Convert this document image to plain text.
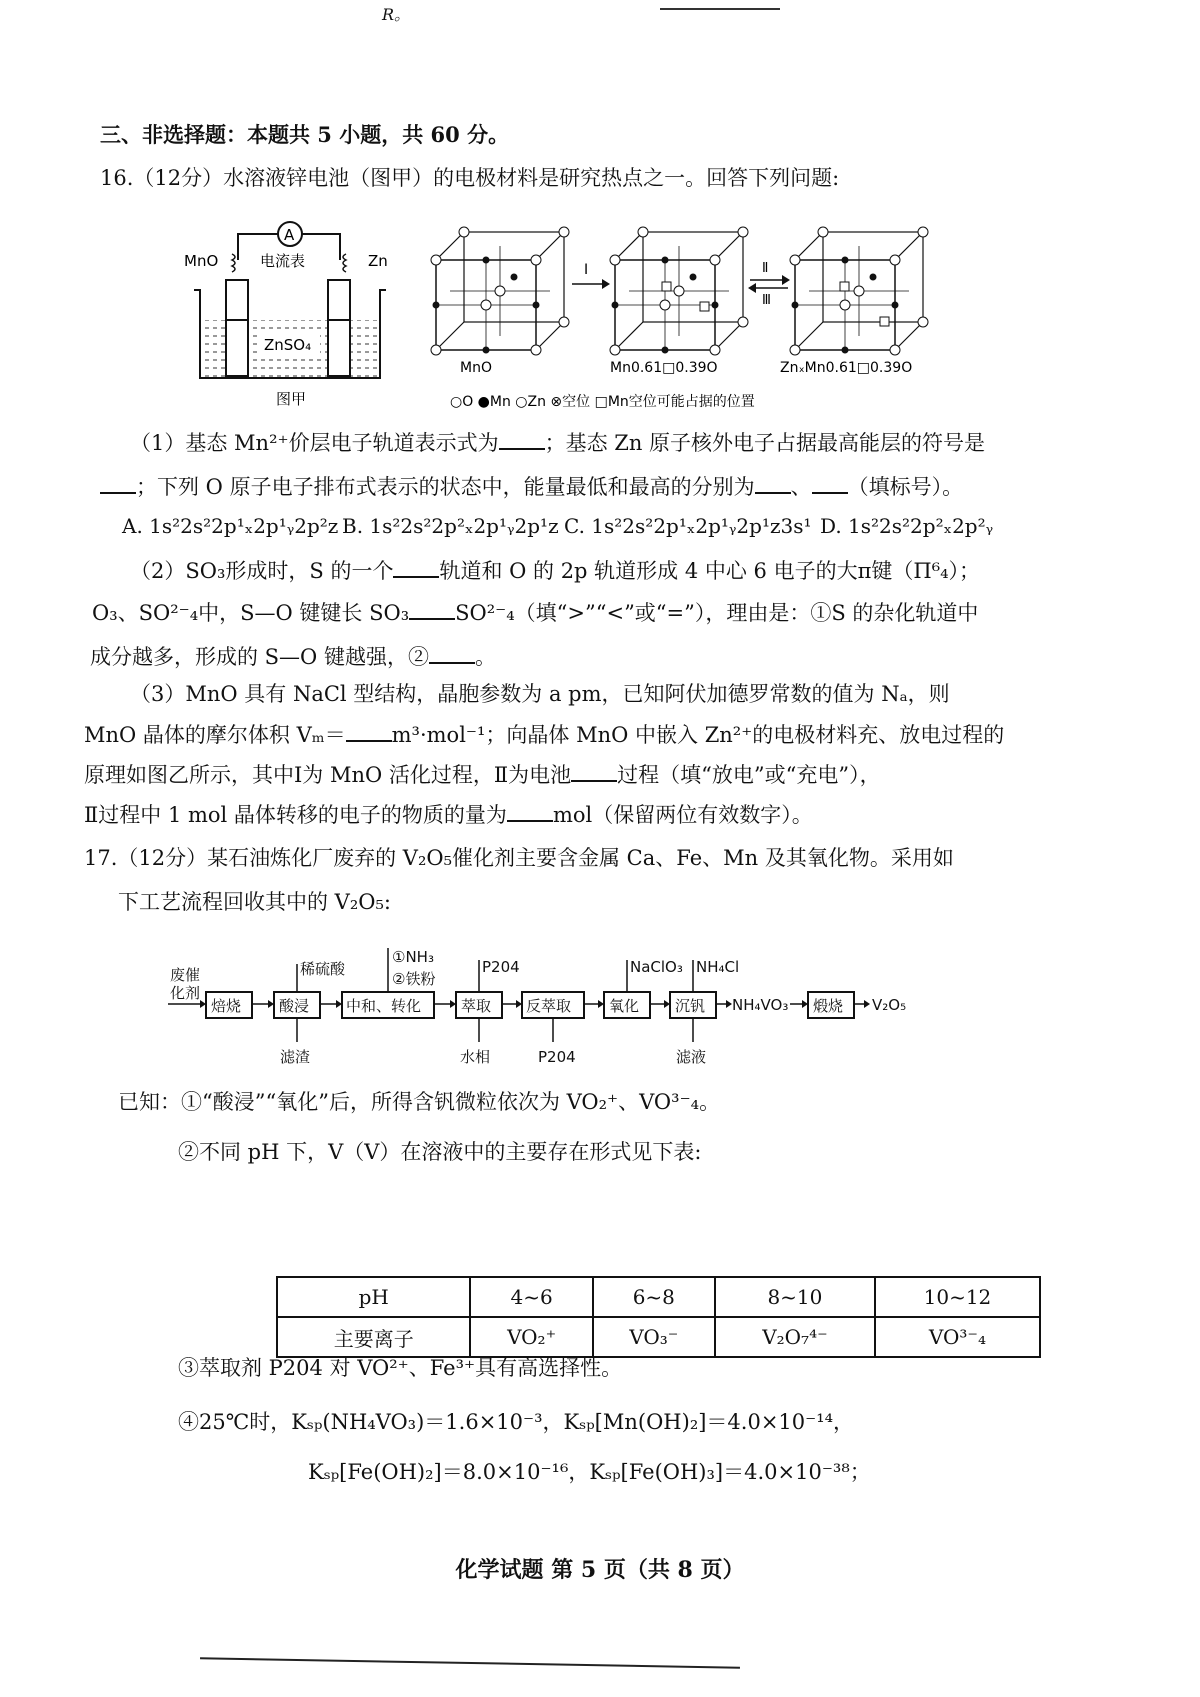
R。
三、非选择题：本题共 5 小题，共 60 分。
16.（12分）水溶液锌电池（图甲）的电极材料是研究热点之一。回答下列问题:
A
电流表
MnO	Zn
ZnSO₄
图甲
Ⅰ	Ⅱ
Ⅲ
MnO	Mn0.61□0.39O	ZnₓMn0.61□0.39O
○O ●Mn ○Zn ⊗空位 □Mn空位可能占据的位置
（1）基态 Mn²⁺价层电子轨道表示式为 ；基态 Zn 原子核外电子占据最高能层的符号是
；下列 O 原子电子排布式表示的状态中，能量最低和最高的分别为 、 （填标号）。
A. 1s²2s²2p¹ₓ2p¹ᵧ2p²z B. 1s²2s²2p²ₓ2p¹ᵧ2p¹z C. 1s²2s²2p¹ₓ2p¹ᵧ2p¹z3s¹ D. 1s²2s²2p²ₓ2p²ᵧ
（2）SO₃形成时，S 的一个 轨道和 O 的 2p 轨道形成 4 中心 6 电子的大π键（Π⁶₄）；
O₃、SO²⁻₄中，S—O 键键长 SO₃ SO²⁻₄（填“>”“<”或“=”），理由是：①S 的杂化轨道中
成分越多，形成的 S—O 键越强，② 。
（3）MnO 具有 NaCl 型结构，晶胞参数为 a pm，已知阿伏加德罗常数的值为 Nₐ，则
MnO 晶体的摩尔体积 Vₘ＝ m³·mol⁻¹；向晶体 MnO 中嵌入 Zn²⁺的电极材料充、放电过程的
原理如图乙所示，其中Ⅰ为 MnO 活化过程，Ⅱ为电池 过程（填“放电”或“充电”），
Ⅱ过程中 1 mol 晶体转移的电子的物质的量为 mol（保留两位有效数字）。
17.（12分）某石油炼化厂废弃的 V₂O₅催化剂主要含金属 Ca、Fe、Mn 及其氧化物。采用如
下工艺流程回收其中的 V₂O₅:
废催
化剂
焙烧	酸浸
稀硫酸
滤渣
中和、转化
①NH₃
②铁粉
萃取
P204
水相
反萃取
P204
氧化
NaClO₃
沉钒
NH₄Cl
滤液
NH₄VO₃ 煅烧 V₂O₅
已知：①“酸浸”“氧化”后，所得含钒微粒依次为 VO₂⁺、VO³⁻₄。
②不同 pH 下，V（Ⅴ）在溶液中的主要存在形式见下表:
pH	4~6	6~8	8~10	10~12
主要离子	VO₂⁺	VO₃⁻	V₂O₇⁴⁻	VO³⁻₄
③萃取剂 P204 对 VO²⁺、Fe³⁺具有高选择性。
④25℃时，Kₛₚ(NH₄VO₃)＝1.6×10⁻³，Kₛₚ[Mn(OH)₂]＝4.0×10⁻¹⁴，
Kₛₚ[Fe(OH)₂]＝8.0×10⁻¹⁶，Kₛₚ[Fe(OH)₃]＝4.0×10⁻³⁸；
化学试题 第 5 页（共 8 页）
